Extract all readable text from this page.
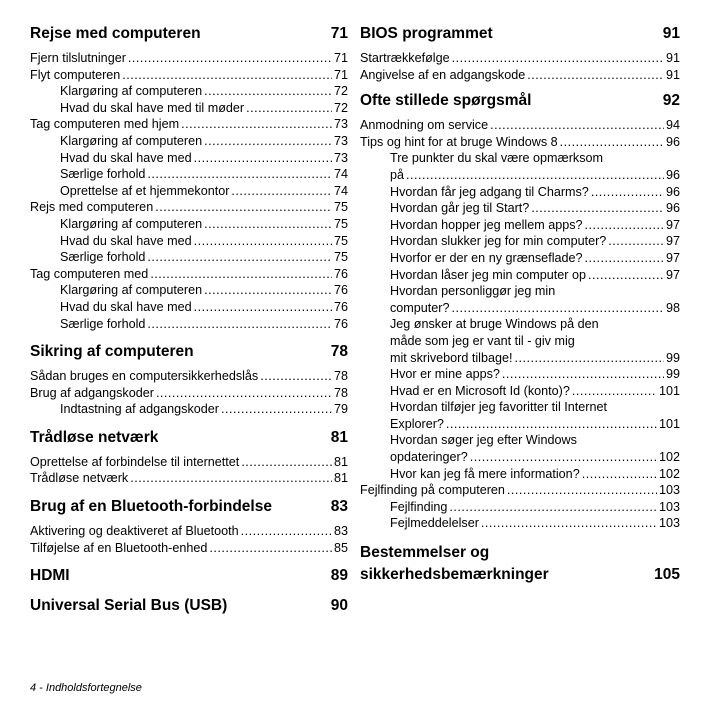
Rejse med computeren	71
Fjern tilslutninger .....	71
Flyt computeren .....	71
Klargøring af computeren .....	72
Hvad du skal have med til møder .....	72
Tag computeren med hjem .....	73
Klargøring af computeren .....	73
Hvad du skal have med .....	73
Særlige forhold .....	74
Oprettelse af et hjemmekontor .....	74
Rejs med computeren .....	75
Klargøring af computeren .....	75
Hvad du skal have med .....	75
Særlige forhold .....	75
Tag computeren med .....	76
Klargøring af computeren .....	76
Hvad du skal have med .....	76
Særlige forhold .....	76
Sikring af computeren	78
Sådan bruges en computersikkerhedslås .....	78
Brug af adgangskoder .....	78
Indtastning af adgangskoder .....	79
Trådløse netværk	81
Oprettelse af forbindelse til internettet .....	81
Trådløse netværk .....	81
Brug af en Bluetooth-forbindelse	83
Aktivering og deaktiveret af Bluetooth .....	83
Tilføjelse af en Bluetooth-enhed .....	85
HDMI	89
Universal Serial Bus (USB)	90
BIOS programmet	91
Startrækkefølge .....	91
Angivelse af en adgangskode .....	91
Ofte stillede spørgsmål	92
Anmodning om service .....	94
Tips og hint for at bruge Windows 8 .....	96
Tre punkter du skal være opmærksom
på .....	96
Hvordan får jeg adgang til Charms? .....	96
Hvordan går jeg til Start? .....	96
Hvordan hopper jeg mellem apps? .....	97
Hvordan slukker jeg for min computer? .....	97
Hvorfor er der en ny grænseflade? .....	97
Hvordan låser jeg min computer op .....	97
Hvordan personliggør jeg min
computer? .....	98
Jeg ønsker at bruge Windows på den
måde som jeg er vant til - giv mig
mit skrivebord tilbage! .....	99
Hvor er mine apps? .....	99
Hvad er en Microsoft Id (konto)? .....	101
Hvordan tilføjer jeg favoritter til Internet
Explorer? .....	101
Hvordan søger jeg efter Windows
opdateringer? .....	102
Hvor kan jeg få mere information? .....	102
Fejlfinding på computeren .....	103
Fejlfinding .....	103
Fejlmeddelelser .....	103
Bestemmelser og
sikkerhedsbemærkninger	105
4 - Indholdsfortegnelse
